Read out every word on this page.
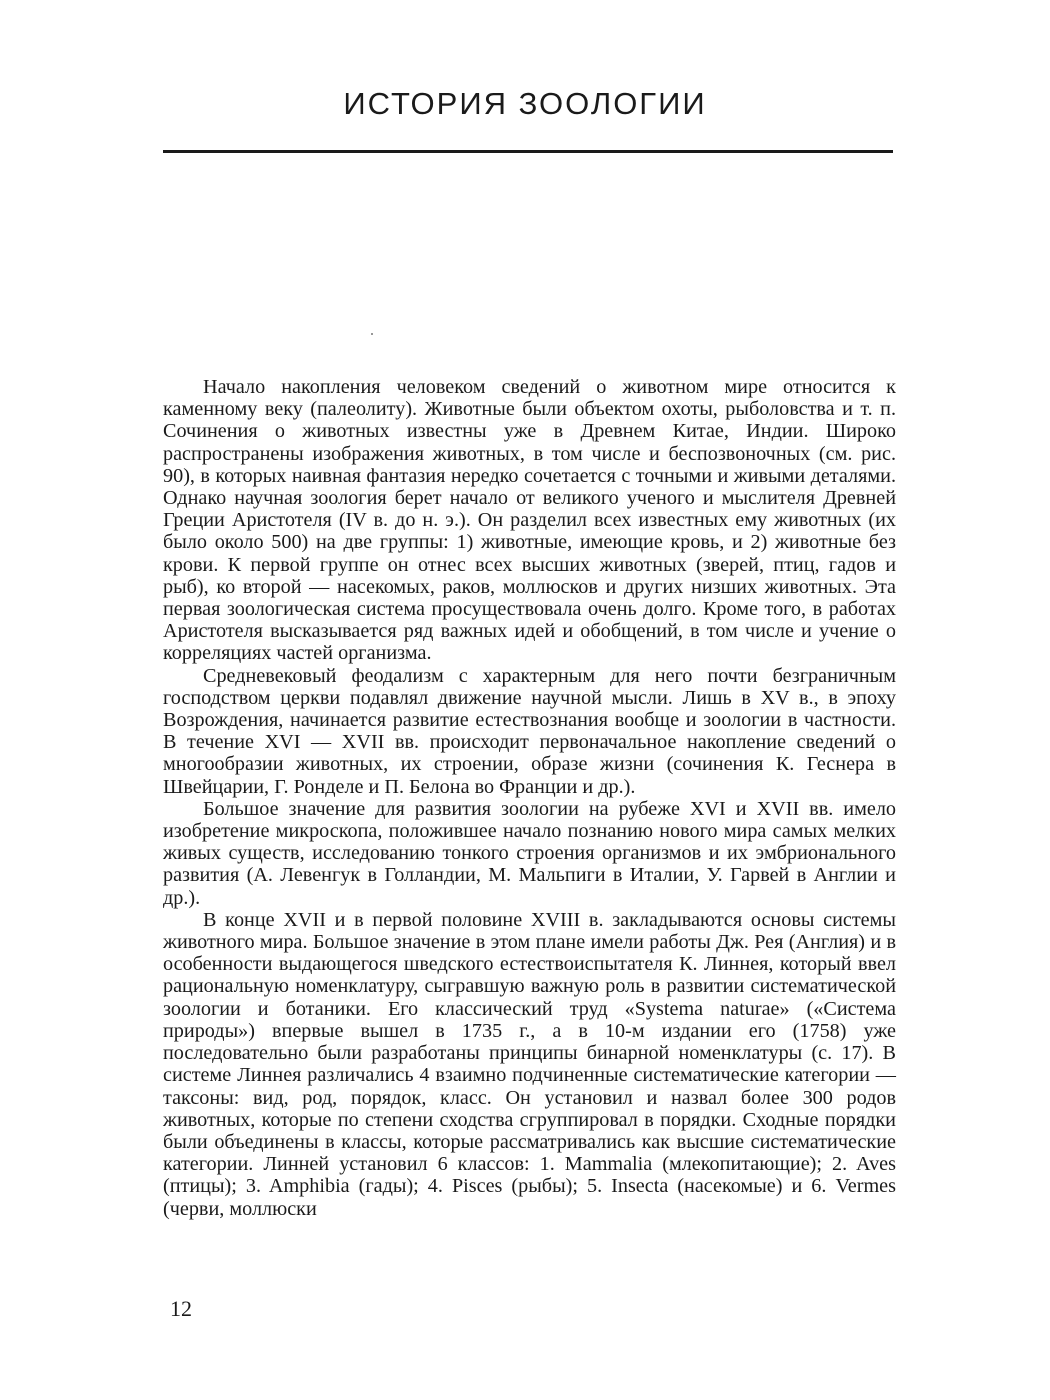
ИСТОРИЯ ЗООЛОГИИ

Начало накопления человеком сведений о животном мире относится к каменному веку (палеолиту). Животные были объектом охоты, рыболовства и т. п. Сочинения о животных известны уже в Древнем Китае, Индии. Широко распространены изображения животных, в том числе и беспозвоночных (см. рис. 90), в которых наивная фантазия нередко сочетается с точными и живыми деталями. Однако научная зоология берет начало от великого ученого и мыслителя Древней Греции Аристотеля (IV в. до н. э.). Он разделил всех известных ему животных (их было около 500) на две группы: 1) животные, имеющие кровь, и 2) животные без крови. К первой группе он отнес всех высших животных (зверей, птиц, гадов и рыб), ко второй — насекомых, раков, моллюсков и других низших животных. Эта первая зоологическая система просуществовала очень долго. Кроме того, в работах Аристотеля высказывается ряд важных идей и обобщений, в том числе и учение о корреляциях частей организма.

Средневековый феодализм с характерным для него почти безграничным господством церкви подавлял движение научной мысли. Лишь в XV в., в эпоху Возрождения, начинается развитие естествознания вообще и зоологии в частности. В течение XVI — XVII вв. происходит первоначальное накопление сведений о многообразии животных, их строении, образе жизни (сочинения К. Геснера в Швейцарии, Г. Ронделе и П. Белона во Франции и др.).

Большое значение для развития зоологии на рубеже XVI и XVII вв. имело изобретение микроскопа, положившее начало познанию нового мира самых мелких живых существ, исследованию тонкого строения организмов и их эмбрионального развития (А. Левенгук в Голландии, М. Мальпиги в Италии, У. Гарвей в Англии и др.).

В конце XVII и в первой половине XVIII в. закладываются основы системы животного мира. Большое значение в этом плане имели работы Дж. Рея (Англия) и в особенности выдающегося шведского естествоиспытателя К. Линнея, который ввел рациональную номенклатуру, сыгравшую важную роль в развитии систематической зоологии и ботаники. Его классический труд «Systema naturae» («Система природы») впервые вышел в 1735 г., а в 10-м издании его (1758) уже последовательно были разработаны принципы бинарной номенклатуры (с. 17). В системе Линнея различались 4 взаимно подчиненные систематические категории — таксоны: вид, род, порядок, класс. Он установил и назвал более 300 родов животных, которые по степени сходства сгруппировал в порядки. Сходные порядки были объединены в классы, которые рассматривались как высшие систематические категории. Линней установил 6 классов: 1. Mammalia (млекопитающие); 2. Aves (птицы); 3. Amphibia (гады); 4. Pisces (рыбы); 5. Insecta (насекомые) и 6. Vermes (черви, моллюски

12
